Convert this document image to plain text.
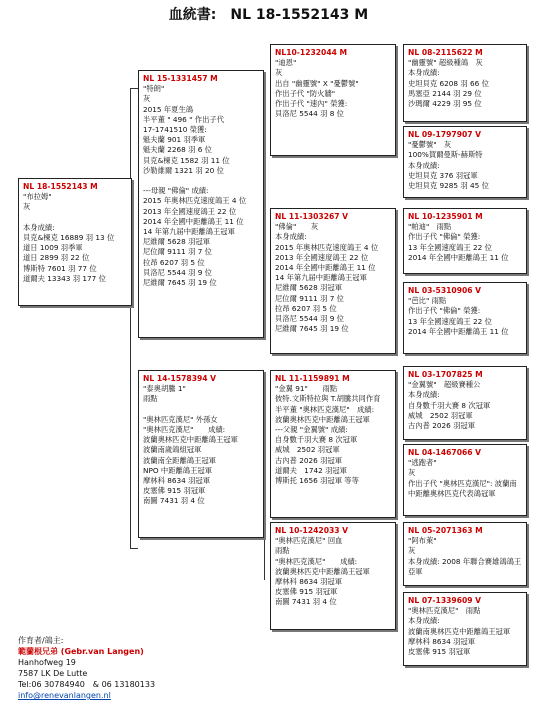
血統書:　NL 18-1552143 M
NL 18-1552143 M
"布拉姆"
灰

本身成績:
貝克&楝克 16889 羽 13 位
道日 1009 羽季軍
道日 2899 羽 22 位
博斯特 7601 羽 77 位
道爾夫 13343 羽 177 位
NL 15-1331457 M
"特朗"
灰
2015 年夏生鴿
半平董 " 496 " 作出子代
17-1741510 榮獲:
魁夫蘭 901 羽季軍
魁夫蘭 2268 羽 6 位
貝克&楝克 1582 羽 11 位
沙勒維爾 1321 羽 20 位

---母親 "佛倫" 成績:
2015 年奧林匹克速度鴿王 4 位
2013 年全國速度鴿王 22 位
2014 年全國中距離鴿王 11 位
14 年第九届中距離鴿王冠軍
尼維爾 5628 羽冠軍
尼位爾 9111 羽 7 位
拉昂 6207 羽 5 位
貝洛尼 5544 羽 9 位
尼維爾 7645 羽 19 位
NL 14-1578394 V
"泰奧胡騰 1"
雨點

"奧林匹克漢尼" 外孫女
"奧林匹克漢尼"　　成績:
波蘭奧林匹克中距離鴿王冠軍
波蘭南歲鴿組冠軍
波蘭南全距離鴿王冠軍
NPO 中距離鴿王冠軍
摩林科 8634 羽冠軍
皮塞佛 915 羽冠軍
南圖 7431 羽 4 位
NL10-1232044 M
"迪恩"
灰
出自 "幽靈號" X "憂鬱號"
作出子代 "防火牆"
作出子代 "速內" 榮獲:
貝洛尼 5544 羽 8 位
NL 11-1303267 V
"佛倫"　　灰
本身成績:
2015 年奧林匹克速度鴿王 4 位
2013 年全國速度鴿王 22 位
2014 年全國中距離鴿王 11 位
14 年第九届中距離鴿王冠軍
尼維爾 5628 羽冠軍
尼位爾 9111 羽 7 位
拉昂 6207 羽 5 位
貝洛尼 5544 羽 9 位
尼維爾 7645 羽 19 位
NL 11-1159891 M
"金翼 91"　　雨點
彼特.文斯特拉與 T.胡騰共同作育
半平董 "奧林匹克漢尼"　成績:
波蘭奧林匹克中距離鴿王冠軍
---父親 "金翼號" 成績:
自身數千羽大賽 8 次冠軍
威城　2502 羽冠軍
古內普 2026 羽冠軍
道爾夫　1742 羽冠軍
博斯托 1656 羽冠軍 等等
NL 10-1242033 V
"奧林匹克漢尼" 回血
雨點
"奧林匹克漢尼"　　成績:
波蘭奧林匹克中距離鴿王冠軍
摩林科 8634 羽冠軍
皮塞佛 915 羽冠軍
南圖 7431 羽 4 位
NL 08-2115622 M
"幽靈號" 超級種鴿　灰
本身成績:
史坦貝克 6208 羽 66 位
馬塞亞 2144 羽 29 位
沙瑪爾 4229 羽 95 位
NL 09-1797907 V
"憂鬱號"　灰
100%賀爾曼斯-赫斯特
本身成績:
史坦貝克 376 羽冠軍
史坦貝克 9285 羽 45 位
NL 10-1235901 M
"帕迪"　雨點
作出子代 "佛倫" 榮獲:
13 年全國速度鴿王 22 位
2014 年全國中距離鴿王 11 位
NL 03-5310906 V
"芭比" 雨點
作出子代 "佛倫" 榮獲:
13 年全國速度鴿王 22 位
2014 年全國中距離鴿王 11 位
NL 03-1707825 M
"金翼號"　超級賽種公
本身成績:
自身數千羽大賽 8 次冠軍
威城　2502 羽冠軍
古內普 2026 羽冠軍
NL 04-1467066 V
"逃跑者"
灰
作出子代 "奧林匹克漢尼": 波蘭南中距離奧林匹克代表鴿冠軍
NL 05-2071363 M
"阿布萊"
灰
本身成績: 2008 年聯合賽雄鴿鴿王亞軍
NL 07-1339609 V
"奧林匹克漢尼"　雨點
本身成績:
波蘭南奧林匹克中距離鴿王冠軍
摩林科 8634 羽冠軍
皮塞佛 915 羽冠軍
作育者/鴿主:
範蘭根兄弟 (Gebr.van Langen)
Hanhofweg 19
7587 LK De Lutte
Tel:06 30784940　& 06 13180133
info@renevanlangen.nl
